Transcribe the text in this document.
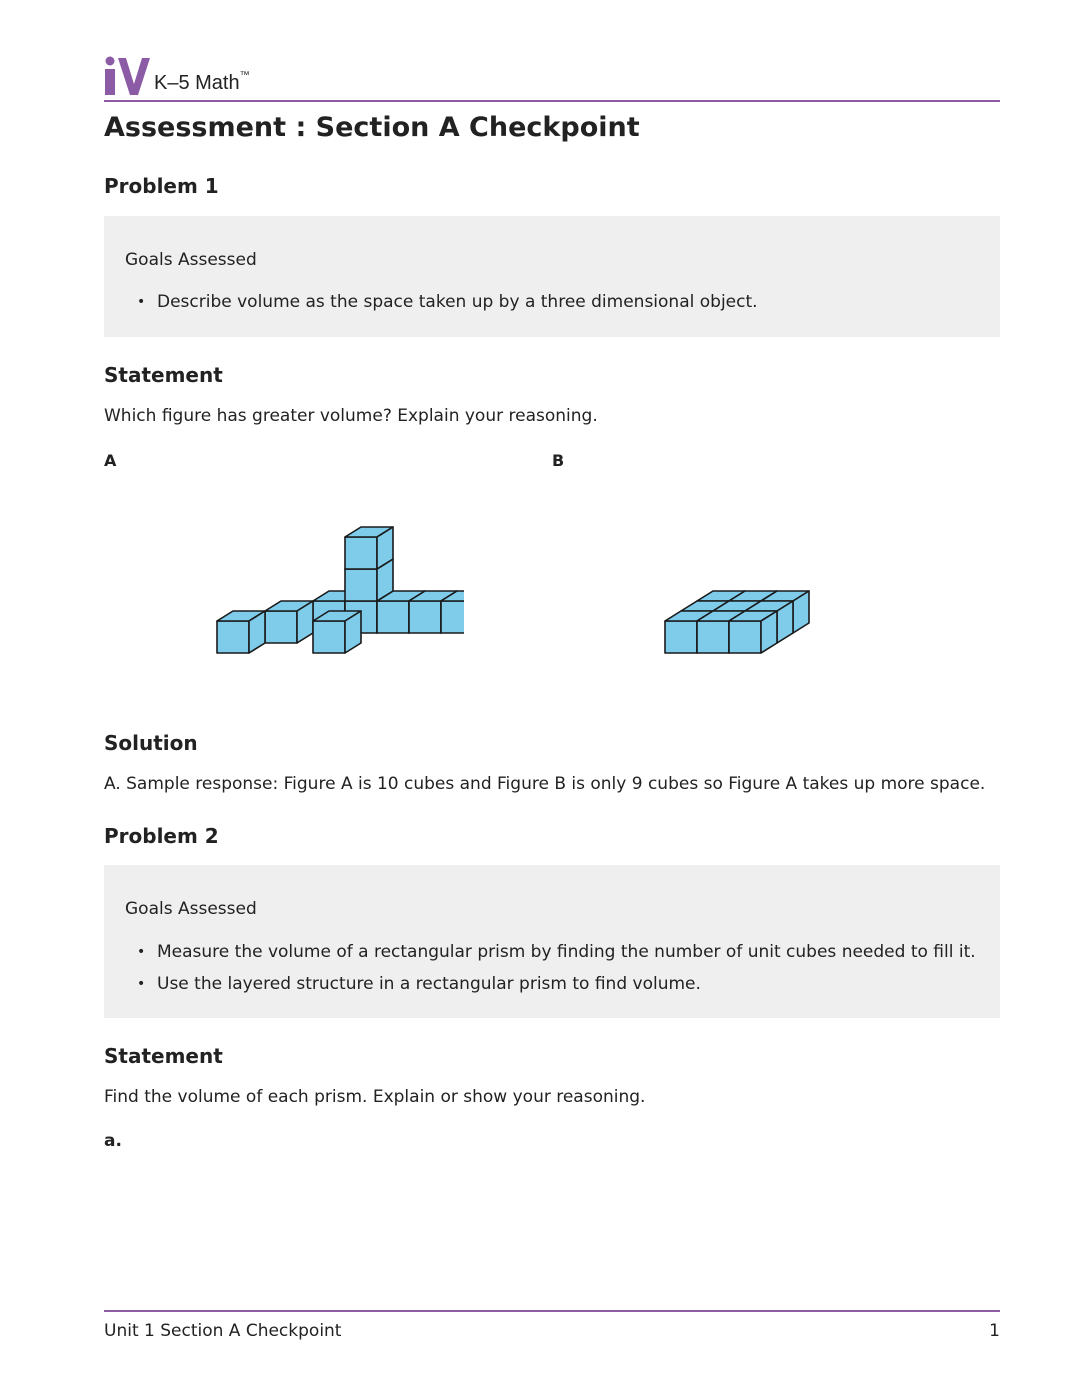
K–5 Math™
Assessment : Section A Checkpoint
Problem 1
Goals Assessed
• Describe volume as the space taken up by a three dimensional object.
Statement

Which figure has greater volume? Explain your reasoning.

A	B
Solution

A. Sample response: Figure A is 10 cubes and Figure B is only 9 cubes so Figure A takes up more space.

Problem 2
Goals Assessed
• Measure the volume of a rectangular prism by finding the number of unit cubes needed to fill it.
• Use the layered structure in a rectangular prism to find volume.
Statement

Find the volume of each prism. Explain or show your reasoning.

a.
Unit 1 Section A Checkpoint	1
